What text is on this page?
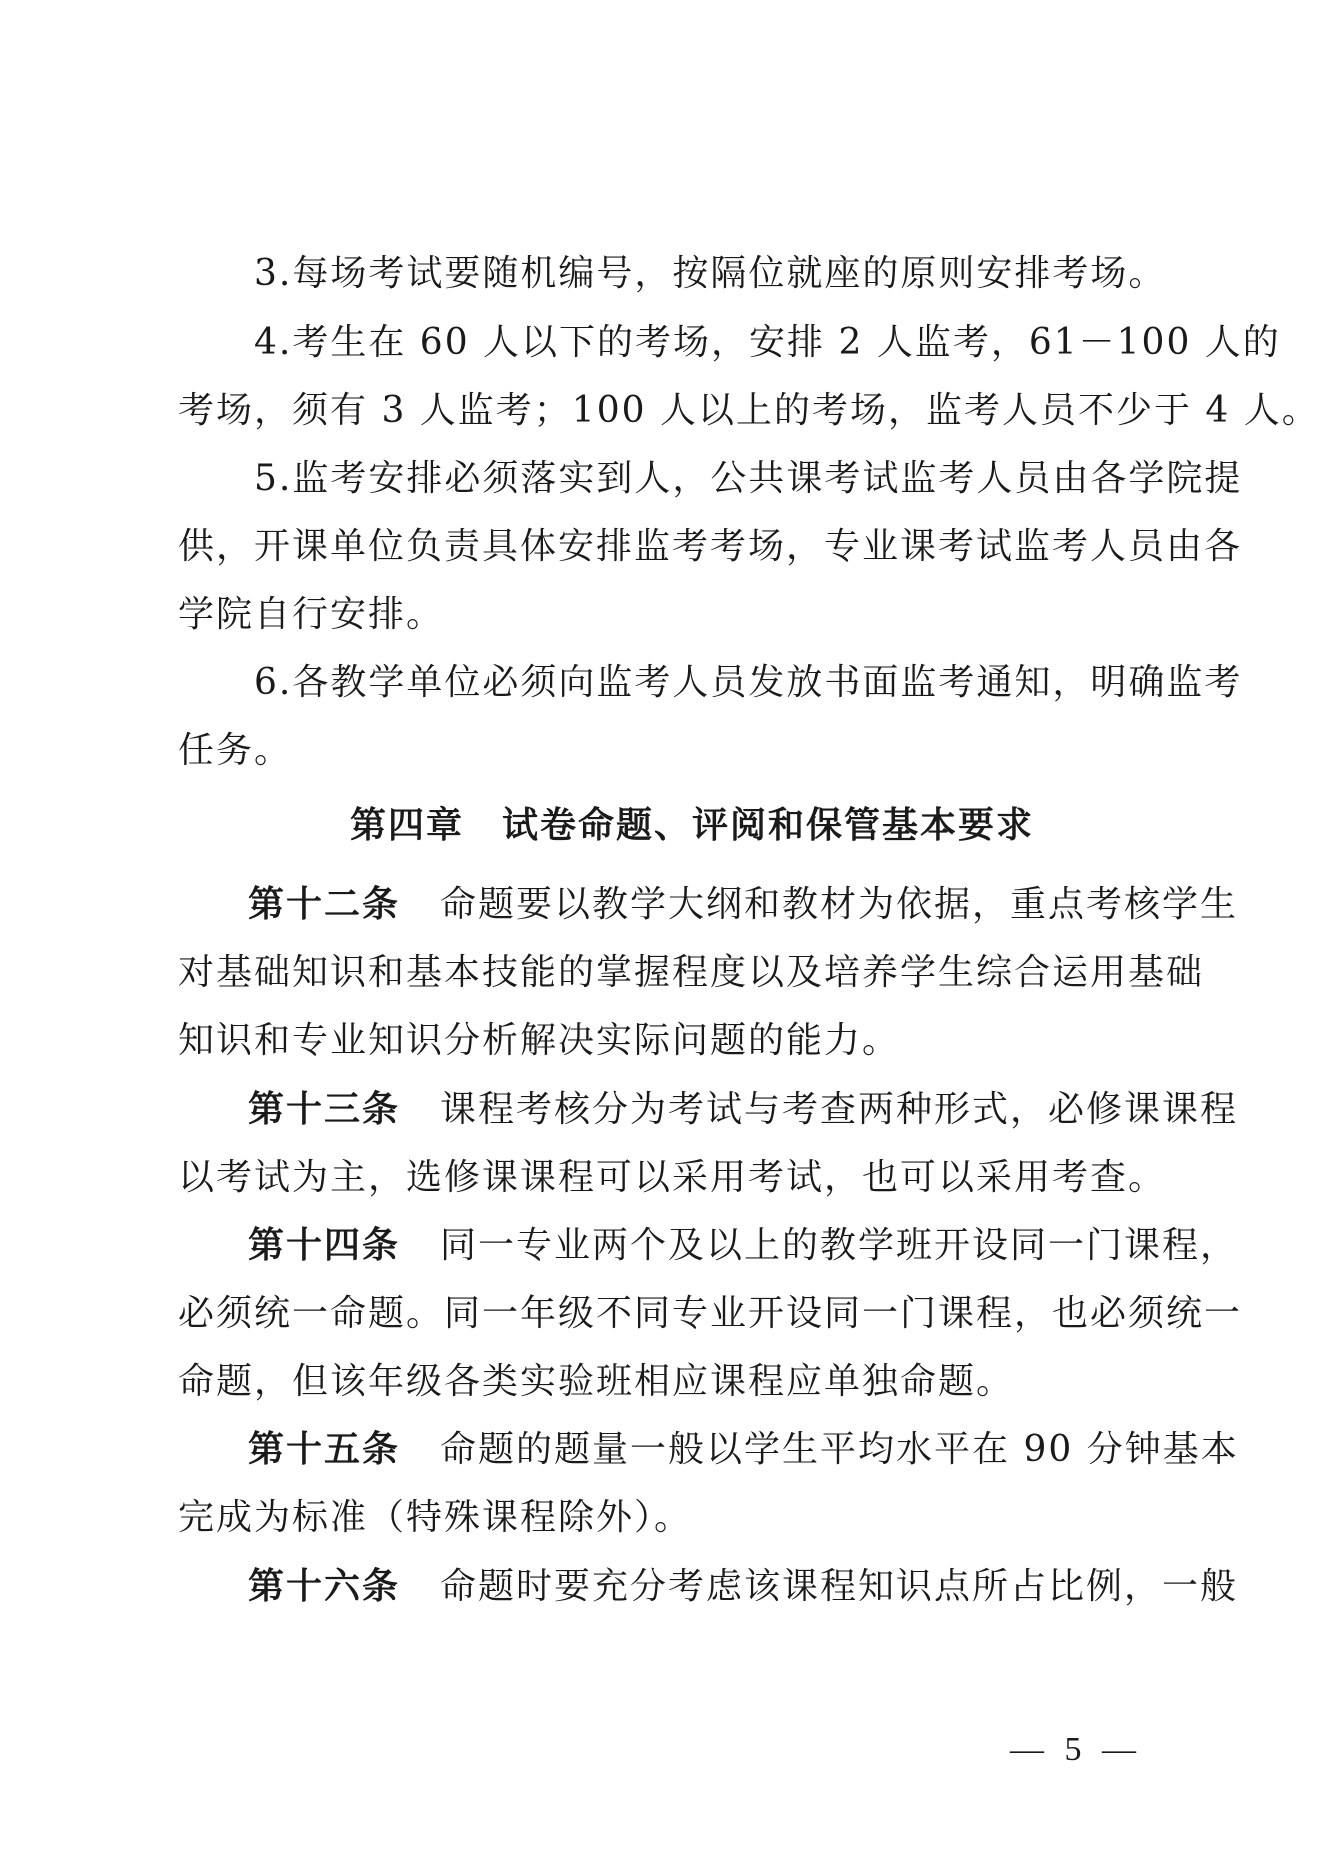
3.每场考试要随机编号，按隔位就座的原则安排考场。
4.考生在 60 人以下的考场，安排 2 人监考，61－100 人的
考场，须有 3 人监考；100 人以上的考场，监考人员不少于 4 人。
5.监考安排必须落实到人，公共课考试监考人员由各学院提
供，开课单位负责具体安排监考考场，专业课考试监考人员由各
学院自行安排。
6.各教学单位必须向监考人员发放书面监考通知，明确监考
任务。
第四章　试卷命题、评阅和保管基本要求
第十二条 命题要以教学大纲和教材为依据，重点考核学生
对基础知识和基本技能的掌握程度以及培养学生综合运用基础
知识和专业知识分析解决实际问题的能力。
第十三条 课程考核分为考试与考查两种形式，必修课课程
以考试为主，选修课课程可以采用考试，也可以采用考查。
第十四条 同一专业两个及以上的教学班开设同一门课程，
必须统一命题。同一年级不同专业开设同一门课程，也必须统一
命题，但该年级各类实验班相应课程应单独命题。
第十五条 命题的题量一般以学生平均水平在 90 分钟基本
完成为标准（特殊课程除外）。
第十六条 命题时要充分考虑该课程知识点所占比例，一般
— 5 —
